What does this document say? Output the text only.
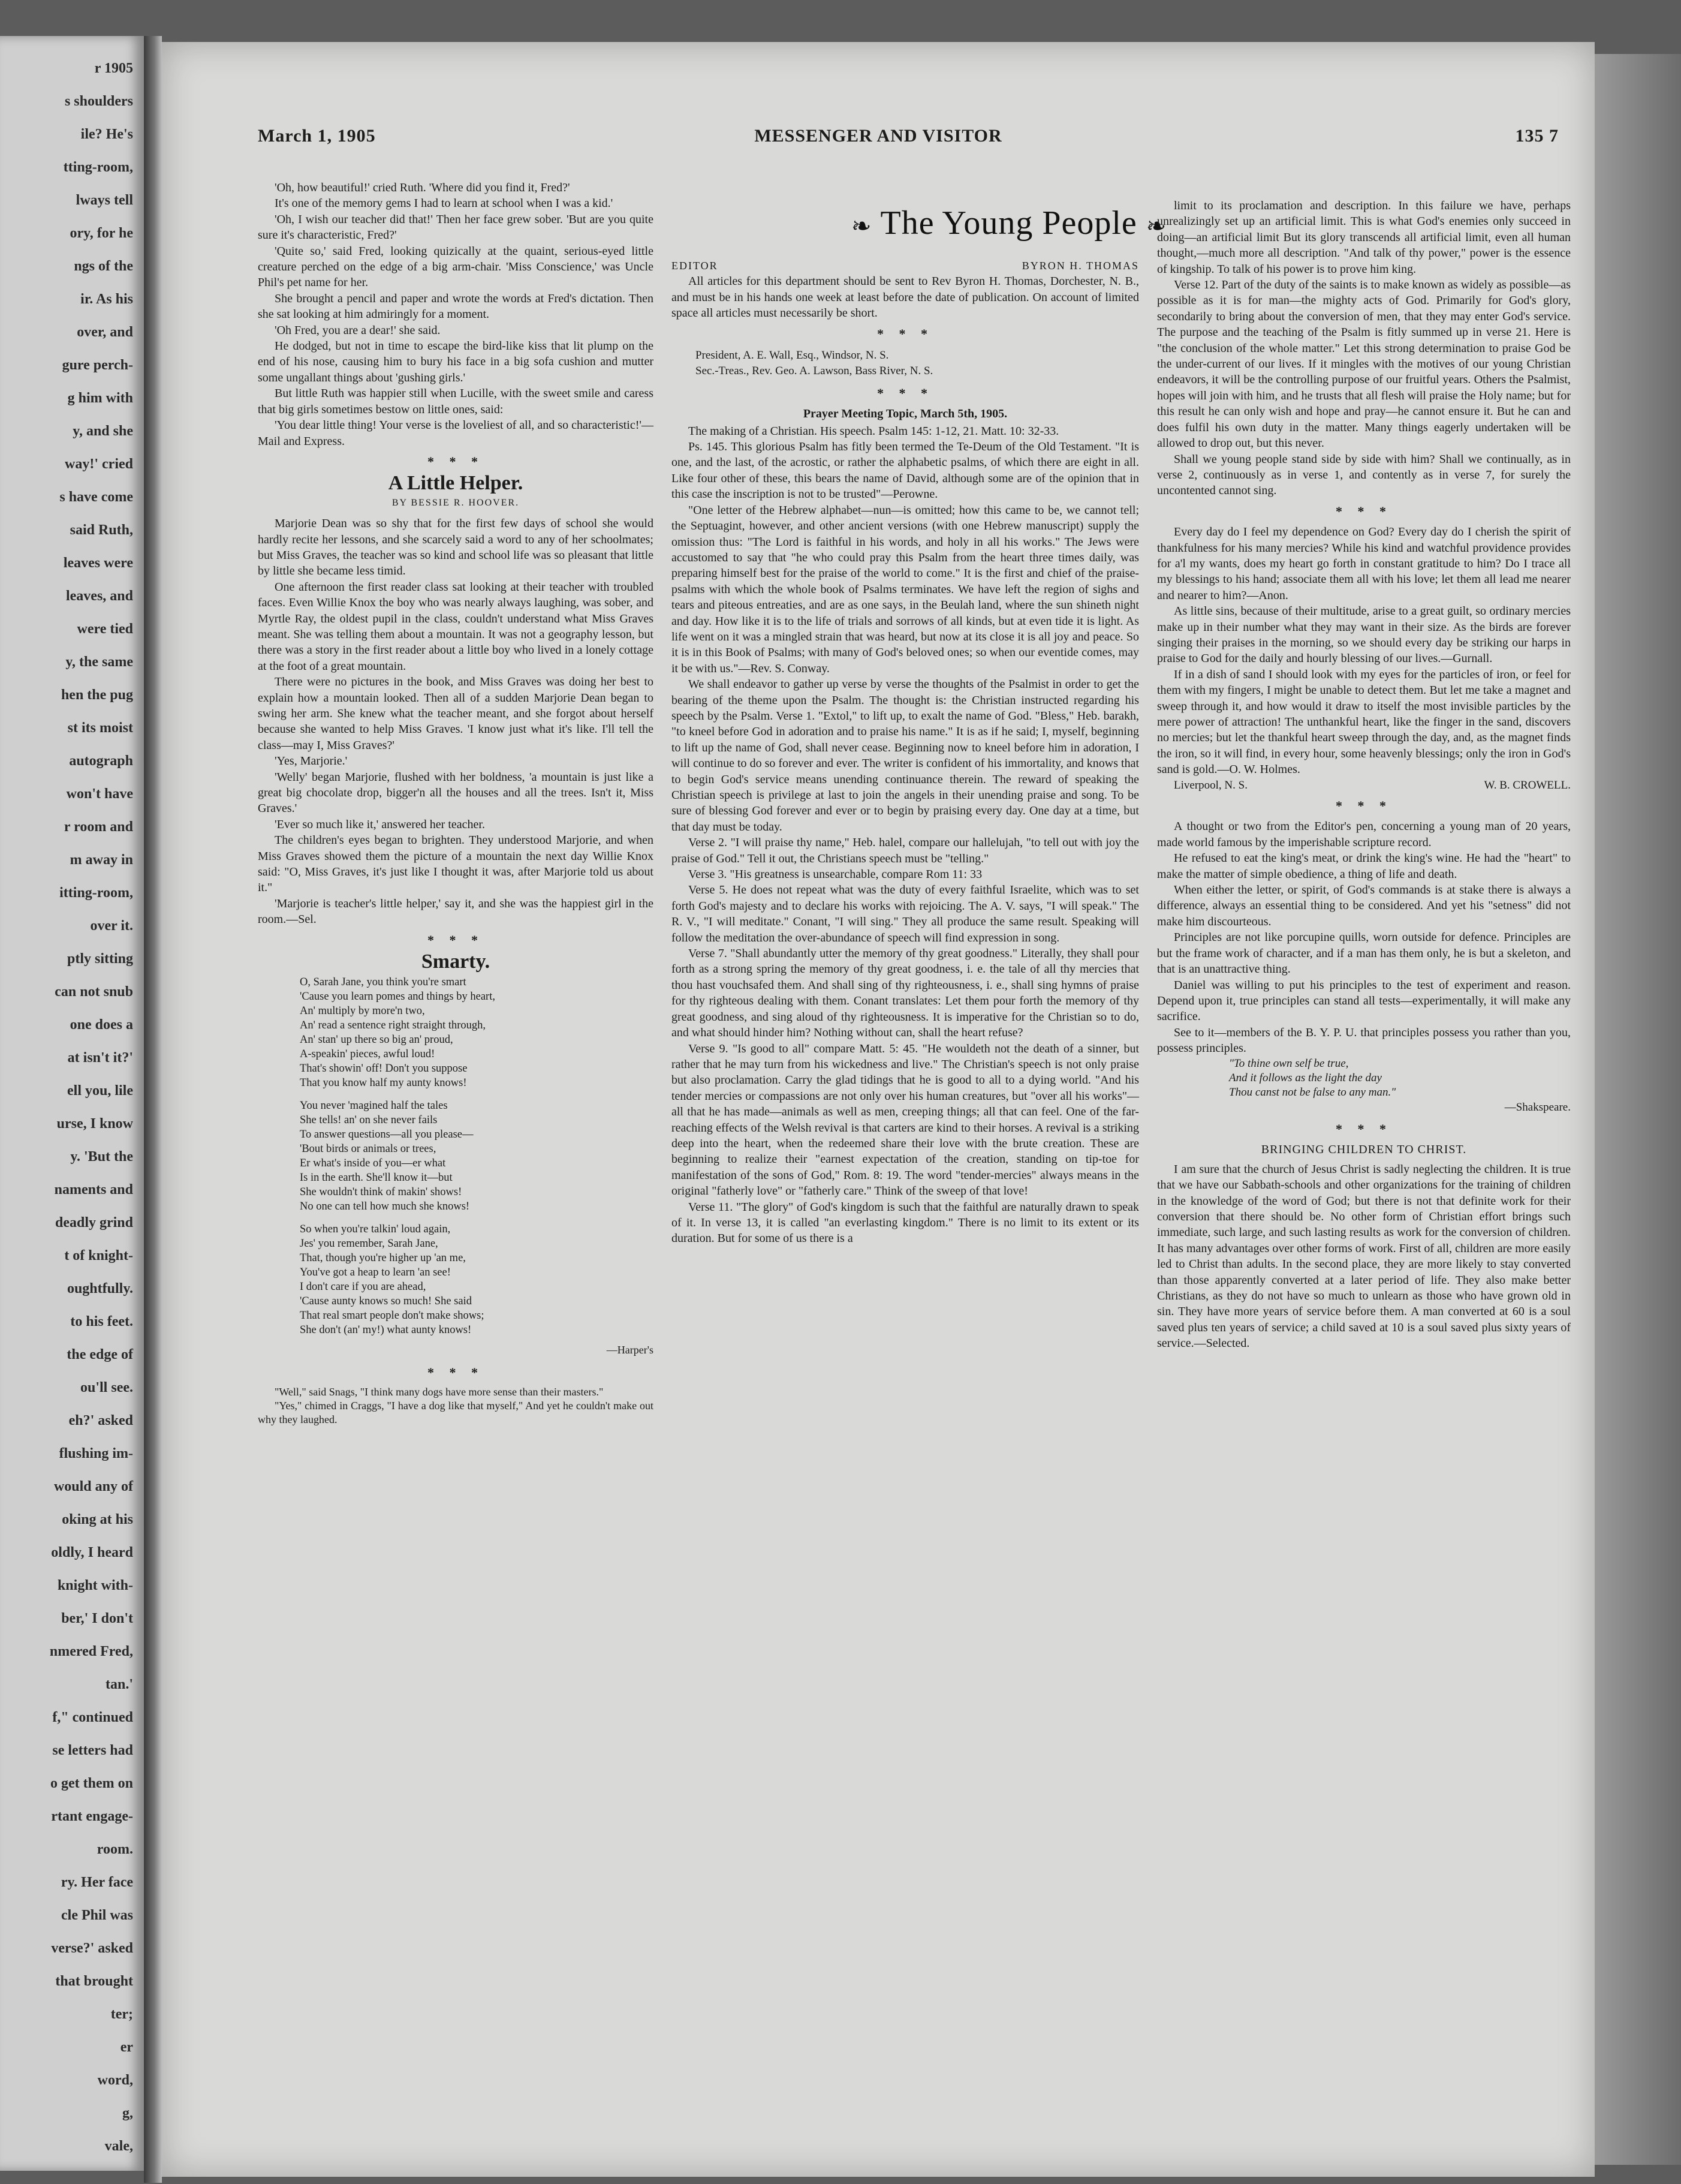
r 1905
s shoulders
ile? He's
tting-room,
lways tell
ory, for he
ngs of the
ir. As his
over, and
gure perch-
g him with
y, and she
way!' cried
s have come
said Ruth,
leaves were
leaves, and
were tied
y, the same
hen the pug
st its moist
autograph
won't have
r room and
m away in
itting-room,
over it.
ptly sitting
can not snub
one does a
at isn't it?'
ell you, lile
urse, I know
y. 'But the
naments and
deadly grind
t of knight-
oughtfully.
to his feet.
the edge of
ou'll see.
eh?' asked
flushing im-
would any of
oking at his
oldly, I heard
knight with-
ber,' I don't
nmered Fred,
tan.'
f," continued
se letters had
o get them on
rtant engage-
room.
ry. Her face
cle Phil was
verse?' asked
that brought
ter;
er
word,
g,
vale,
March 1, 1905	MESSENGER AND VISITOR	135 7
❧ The Young People ❧

'Oh, how beautiful!' cried Ruth. 'Where did you find it, Fred?'

It's one of the memory gems I had to learn at school when I was a kid.'

'Oh, I wish our teacher did that!' Then her face grew sober. 'But are you quite sure it's characteristic, Fred?'

'Quite so,' said Fred, looking quizically at the quaint, serious-eyed little creature perched on the edge of a big arm-chair. 'Miss Conscience,' was Uncle Phil's pet name for her.

She brought a pencil and paper and wrote the words at Fred's dictation. Then she sat looking at him admiringly for a moment.

'Oh Fred, you are a dear!' she said.

He dodged, but not in time to escape the bird-like kiss that lit plump on the end of his nose, causing him to bury his face in a big sofa cushion and mutter some ungallant things about 'gushing girls.'

But little Ruth was happier still when Lucille, with the sweet smile and caress that big girls sometimes bestow on little ones, said:

'You dear little thing! Your verse is the loveliest of all, and so characteristic!'—Mail and Express.

* * *
A Little Helper.
BY BESSIE R. HOOVER.

Marjorie Dean was so shy that for the first few days of school she would hardly recite her lessons, and she scarcely said a word to any of her schoolmates; but Miss Graves, the teacher was so kind and school life was so pleasant that little by little she became less timid.

One afternoon the first reader class sat looking at their teacher with troubled faces. Even Willie Knox the boy who was nearly always laughing, was sober, and Myrtle Ray, the oldest pupil in the class, couldn't understand what Miss Graves meant. She was telling them about a mountain. It was not a geography lesson, but there was a story in the first reader about a little boy who lived in a lonely cottage at the foot of a great mountain.

There were no pictures in the book, and Miss Graves was doing her best to explain how a mountain looked. Then all of a sudden Marjorie Dean began to swing her arm. She knew what the teacher meant, and she forgot about herself because she wanted to help Miss Graves. 'I know just what it's like. I'll tell the class—may I, Miss Graves?'

'Yes, Marjorie.'

'Welly' began Marjorie, flushed with her boldness, 'a mountain is just like a great big chocolate drop, bigger'n all the houses and all the trees. Isn't it, Miss Graves.'

'Ever so much like it,' answered her teacher.

The children's eyes began to brighten. They understood Marjorie, and when Miss Graves showed them the picture of a mountain the next day Willie Knox said: "O, Miss Graves, it's just like I thought it was, after Marjorie told us about it."

'Marjorie is teacher's little helper,' say it, and she was the happiest girl in the room.—Sel.

* * *
Smarty.
O, Sarah Jane, you think you're smart
'Cause you learn pomes and things by heart,
An' multiply by more'n two,
An' read a sentence right straight through,
An' stan' up there so big an' proud,
A-speakin' pieces, awful loud!
That's showin' off! Don't you suppose
That you know half my aunty knows!
You never 'magined half the tales
She tells! an' on she never fails
To answer questions—all you please—
'Bout birds or animals or trees,
Er what's inside of you—er what
Is in the earth. She'll know it—but
She wouldn't think of makin' shows!
No one can tell how much she knows!
So when you're talkin' loud again,
Jes' you remember, Sarah Jane,
That, though you're higher up 'an me,
You've got a heap to learn 'an see!
I don't care if you are ahead,
'Cause aunty knows so much! She said
That real smart people don't make shows;
She don't (an' my!) what aunty knows!
—Harper's
* * *

"Well," said Snags, "I think many dogs have more sense than their masters."

"Yes," chimed in Craggs, "I have a dog like that myself," And yet he couldn't make out why they laughed.

EDITOR	BYRON H. THOMAS

All articles for this department should be sent to Rev Byron H. Thomas, Dorchester, N. B., and must be in his hands one week at least before the date of publication. On account of limited space all articles must necessarily be short.

* * *
President, A. E. Wall, Esq., Windsor, N. S.
Sec.-Treas., Rev. Geo. A. Lawson, Bass River, N. S.
* * *
Prayer Meeting Topic, March 5th, 1905.

The making of a Christian. His speech. Psalm 145: 1-12, 21. Matt. 10: 32-33.

Ps. 145. This glorious Psalm has fitly been termed the Te-Deum of the Old Testament. "It is one, and the last, of the acrostic, or rather the alphabetic psalms, of which there are eight in all. Like four other of these, this bears the name of David, although some are of the opinion that in this case the inscription is not to be trusted"—Perowne.

"One letter of the Hebrew alphabet—nun—is omitted; how this came to be, we cannot tell; the Septuagint, however, and other ancient versions (with one Hebrew manuscript) supply the omission thus: "The Lord is faithful in his words, and holy in all his works." The Jews were accustomed to say that "he who could pray this Psalm from the heart three times daily, was preparing himself best for the praise of the world to come." It is the first and chief of the praise-psalms with which the whole book of Psalms terminates. We have left the region of sighs and tears and piteous entreaties, and are as one says, in the Beulah land, where the sun shineth night and day. How like it is to the life of trials and sorrows of all kinds, but at even tide it is light. As life went on it was a mingled strain that was heard, but now at its close it is all joy and peace. So it is in this Book of Psalms; with many of God's beloved ones; so when our eventide comes, may it be with us."—Rev. S. Conway.

We shall endeavor to gather up verse by verse the thoughts of the Psalmist in order to get the bearing of the theme upon the Psalm. The thought is: the Christian instructed regarding his speech by the Psalm. Verse 1. "Extol," to lift up, to exalt the name of God. "Bless," Heb. barakh, "to kneel before God in adoration and to praise his name." It is as if he said; I, myself, beginning to lift up the name of God, shall never cease. Beginning now to kneel before him in adoration, I will continue to do so forever and ever. The writer is confident of his immortality, and knows that to begin God's service means unending continuance therein. The reward of speaking the Christian speech is privilege at last to join the angels in their unending praise and song. To be sure of blessing God forever and ever or to begin by praising every day. One day at a time, but that day must be today.

Verse 2. "I will praise thy name," Heb. halel, compare our hallelujah, "to tell out with joy the praise of God." Tell it out, the Christians speech must be "telling."

Verse 3. "His greatness is unsearchable, compare Rom 11: 33

Verse 5. He does not repeat what was the duty of every faithful Israelite, which was to set forth God's majesty and to declare his works with rejoicing. The A. V. says, "I will speak." The R. V., "I will meditate." Conant, "I will sing." They all produce the same result. Speaking will follow the meditation the over-abundance of speech will find expression in song.

Verse 7. "Shall abundantly utter the memory of thy great goodness." Literally, they shall pour forth as a strong spring the memory of thy great goodness, i. e. the tale of all thy mercies that thou hast vouchsafed them. And shall sing of thy righteousness, i. e., shall sing hymns of praise for thy righteous dealing with them. Conant translates: Let them pour forth the memory of thy great goodness, and sing aloud of thy righteousness. It is imperative for the Christian so to do, and what should hinder him? Nothing without can, shall the heart refuse?

Verse 9. "Is good to all" compare Matt. 5: 45. "He wouldeth not the death of a sinner, but rather that he may turn from his wickedness and live." The Christian's speech is not only praise but also proclamation. Carry the glad tidings that he is good to all to a dying world. "And his tender mercies or compassions are not only over his human creatures, but "over all his works"—all that he has made—animals as well as men, creeping things; all that can feel. One of the far-reaching effects of the Welsh revival is that carters are kind to their horses. A revival is a striking deep into the heart, when the redeemed share their love with the brute creation. These are beginning to realize their "earnest expectation of the creation, standing on tip-toe for manifestation of the sons of God," Rom. 8: 19. The word "tender-mercies" always means in the original "fatherly love" or "fatherly care." Think of the sweep of that love!

Verse 11. "The glory" of God's kingdom is such that the faithful are naturally drawn to speak of it. In verse 13, it is called "an everlasting kingdom." There is no limit to its extent or its duration. But for some of us there is a

limit to its proclamation and description. In this failure we have, perhaps unrealizingly set up an artificial limit. This is what God's enemies only succeed in doing—an artificial limit But its glory transcends all artificial limit, even all human thought,—much more all description. "And talk of thy power," power is the essence of kingship. To talk of his power is to prove him king.

Verse 12. Part of the duty of the saints is to make known as widely as possible—as possible as it is for man—the mighty acts of God. Primarily for God's glory, secondarily to bring about the conversion of men, that they may enter God's service. The purpose and the teaching of the Psalm is fitly summed up in verse 21. Here is "the conclusion of the whole matter." Let this strong determination to praise God be the under-current of our lives. If it mingles with the motives of our young Christian endeavors, it will be the controlling purpose of our fruitful years. Others the Psalmist, hopes will join with him, and he trusts that all flesh will praise the Holy name; but for this result he can only wish and hope and pray—he cannot ensure it. But he can and does fulfil his own duty in the matter. Many things eagerly undertaken will be allowed to drop out, but this never.

Shall we young people stand side by side with him? Shall we continually, as in verse 2, continuously as in verse 1, and contently as in verse 7, for surely the uncontented cannot sing.

* * *

Every day do I feel my dependence on God? Every day do I cherish the spirit of thankfulness for his many mercies? While his kind and watchful providence provides for a'l my wants, does my heart go forth in constant gratitude to him? Do I trace all my blessings to his hand; associate them all with his love; let them all lead me nearer and nearer to him?—Anon.

As little sins, because of their multitude, arise to a great guilt, so ordinary mercies make up in their number what they may want in their size. As the birds are forever singing their praises in the morning, so we should every day be striking our harps in praise to God for the daily and hourly blessing of our lives.—Gurnall.

If in a dish of sand I should look with my eyes for the particles of iron, or feel for them with my fingers, I might be unable to detect them. But let me take a magnet and sweep through it, and how would it draw to itself the most invisible particles by the mere power of attraction! The unthankful heart, like the finger in the sand, discovers no mercies; but let the thankful heart sweep through the day, and, as the magnet finds the iron, so it will find, in every hour, some heavenly blessings; only the iron in God's sand is gold.—O. W. Holmes.

Liverpool, N. S.	W. B. CROWELL.
* * *

A thought or two from the Editor's pen, concerning a young man of 20 years, made world famous by the imperishable scripture record.

He refused to eat the king's meat, or drink the king's wine. He had the "heart" to make the matter of simple obedience, a thing of life and death.

When either the letter, or spirit, of God's commands is at stake there is always a difference, always an essential thing to be considered. And yet his "setness" did not make him discourteous.

Principles are not like porcupine quills, worn outside for defence. Principles are but the frame work of character, and if a man has them only, he is but a skeleton, and that is an unattractive thing.

Daniel was willing to put his principles to the test of experiment and reason. Depend upon it, true principles can stand all tests—experimentally, it will make any sacrifice.

See to it—members of the B. Y. P. U. that principles possess you rather than you, possess principles.

"To thine own self be true,
And it follows as the light the day
Thou canst not be false to any man."
—Shakspeare.
* * *
BRINGING CHILDREN TO CHRIST.

I am sure that the church of Jesus Christ is sadly neglecting the children. It is true that we have our Sabbath-schools and other organizations for the training of children in the knowledge of the word of God; but there is not that definite work for their conversion that there should be. No other form of Christian effort brings such immediate, such large, and such lasting results as work for the conversion of children. It has many advantages over other forms of work. First of all, children are more easily led to Christ than adults. In the second place, they are more likely to stay converted than those apparently converted at a later period of life. They also make better Christians, as they do not have so much to unlearn as those who have grown old in sin. They have more years of service before them. A man converted at 60 is a soul saved plus ten years of service; a child saved at 10 is a soul saved plus sixty years of service.—Selected.
